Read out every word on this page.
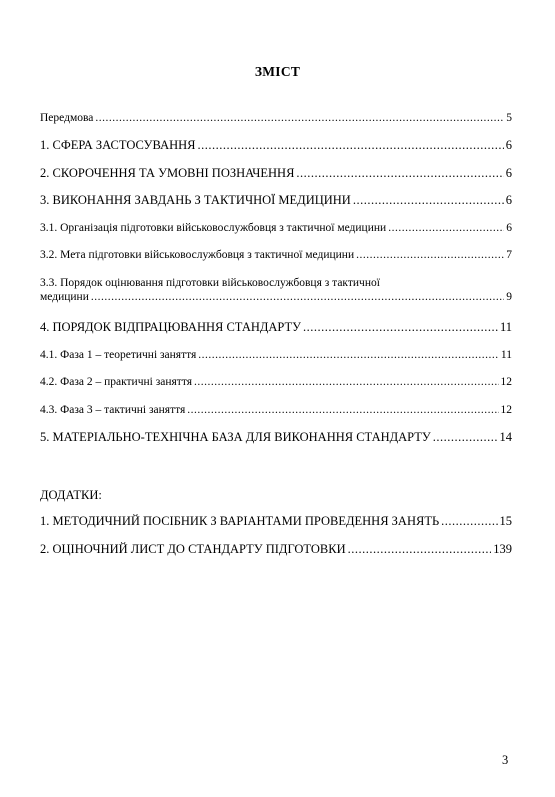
ЗМІСТ
Передмова .....	5
1. СФЕРА ЗАСТОСУВАННЯ .....	6
2. СКОРОЧЕННЯ ТА УМОВНІ ПОЗНАЧЕННЯ .....	6
3. ВИКОНАННЯ ЗАВДАНЬ З ТАКТИЧНОЇ МЕДИЦИНИ .....	6
3.1. Організація підготовки військовослужбовця з тактичної медицини .....	6
3.2. Мета підготовки військовослужбовця з тактичної медицини .....	7
3.3. Порядок оцінювання підготовки військовослужбовця з тактичної
медицини .....	9
4. ПОРЯДОК ВІДПРАЦЮВАННЯ СТАНДАРТУ .....	11
4.1. Фаза 1 – теоретичні заняття .....	11
4.2. Фаза 2 – практичні заняття .....	12
4.3. Фаза 3 – тактичні заняття .....	12
5. МАТЕРІАЛЬНО-ТЕХНІЧНА БАЗА ДЛЯ ВИКОНАННЯ СТАНДАРТУ .....	14
ДОДАТКИ:
1. МЕТОДИЧНИЙ ПОСІБНИК З ВАРІАНТАМИ ПРОВЕДЕННЯ ЗАНЯТЬ .....	15
2. ОЦІНОЧНИЙ ЛИСТ ДО СТАНДАРТУ ПІДГОТОВКИ .....	139
3
